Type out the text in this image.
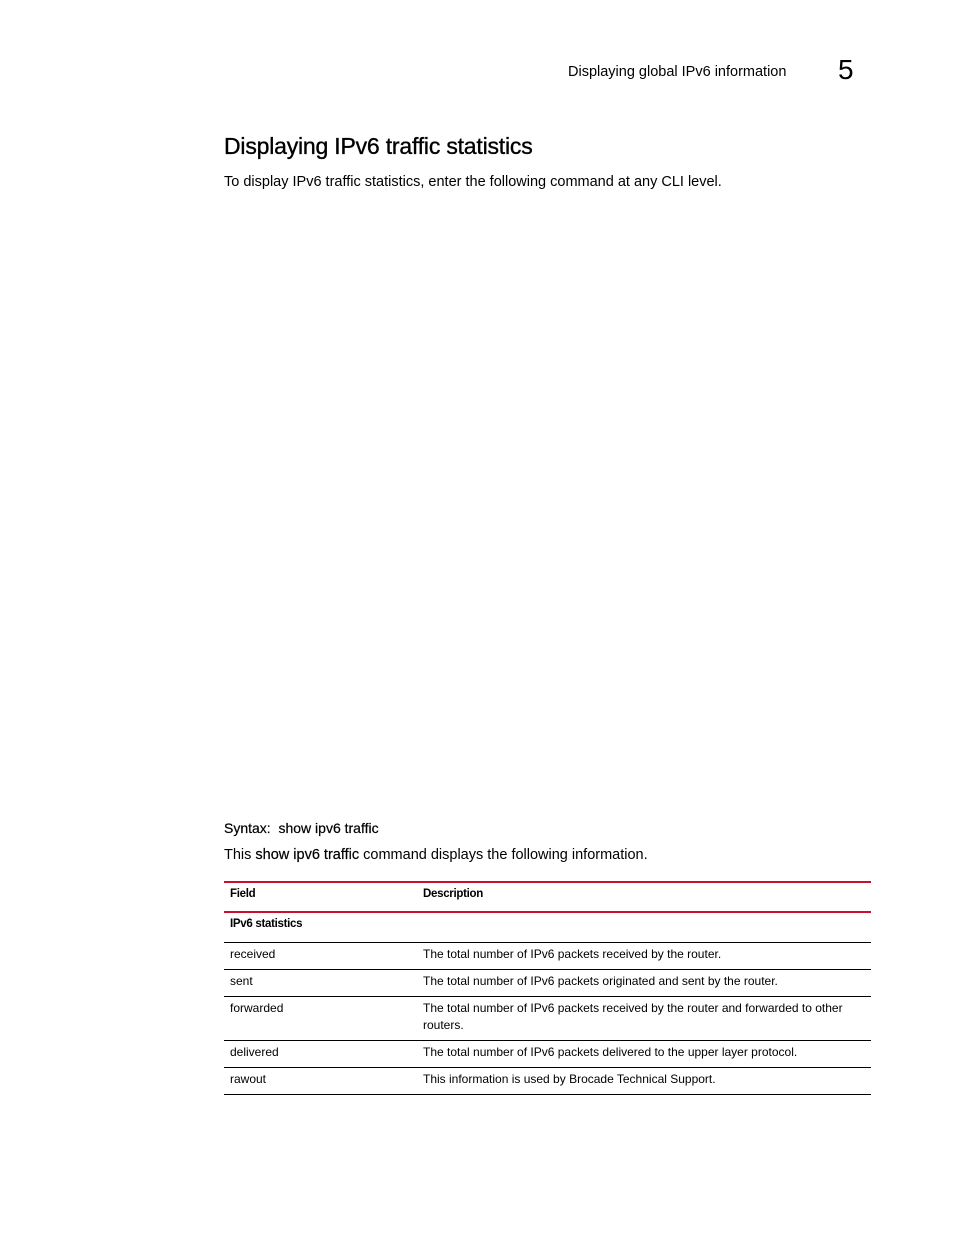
Displaying global IPv6 information 5
Displaying IPv6 traffic statistics

To display IPv6 traffic statistics, enter the following command at any CLI level.

Syntax: show ipv6 traffic

This show ipv6 traffic command displays the following information.

Field	Description
IPv6 statistics	
received	The total number of IPv6 packets received by the router.
sent	The total number of IPv6 packets originated and sent by the router.
forwarded	The total number of IPv6 packets received by the router and forwarded to other routers.
delivered	The total number of IPv6 packets delivered to the upper layer protocol.
rawout	This information is used by Brocade Technical Support.
